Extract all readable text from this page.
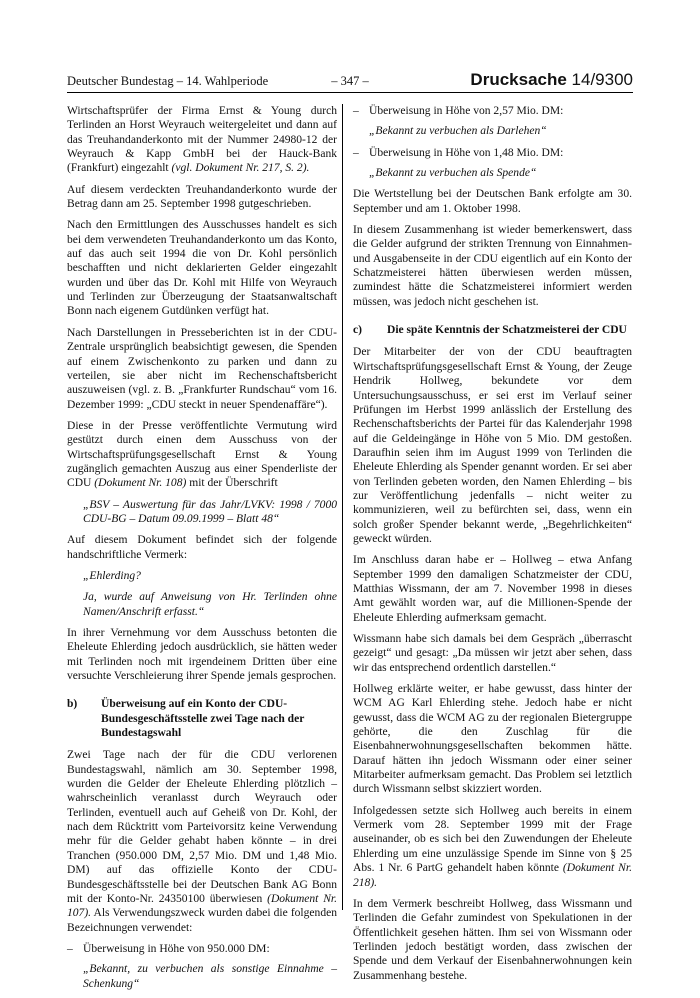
Deutscher Bundestag – 14. Wahlperiode	– 347 –	Drucksache 14/9300

Wirtschaftsprüfer der Firma Ernst & Young durch Terlinden an Horst Weyrauch weitergeleitet und dann auf das Treuhandanderkonto mit der Nummer 24980-12 der Weyrauch & Kapp GmbH bei der Hauck-Bank (Frankfurt) eingezahlt (vgl. Dokument Nr. 217, S. 2).

Auf diesem verdeckten Treuhandanderkonto wurde der Betrag dann am 25. September 1998 gutgeschrieben.

Nach den Ermittlungen des Ausschusses handelt es sich bei dem verwendeten Treuhandanderkonto um das Konto, auf das auch seit 1994 die von Dr. Kohl persönlich beschafften und nicht deklarierten Gelder eingezahlt wurden und über das Dr. Kohl mit Hilfe von Weyrauch und Terlinden zur Überzeugung der Staatsanwaltschaft Bonn nach eigenem Gutdünken verfügt hat.

Nach Darstellungen in Presseberichten ist in der CDU-Zentrale ursprünglich beabsichtigt gewesen, die Spenden auf einem Zwischenkonto zu parken und dann zu verteilen, sie aber nicht im Rechenschaftsbericht auszuweisen (vgl. z. B. „Frankfurter Rundschau“ vom 16. Dezember 1999: „CDU steckt in neuer Spendenaffäre“).

Diese in der Presse veröffentlichte Vermutung wird gestützt durch einen dem Ausschuss von der Wirtschaftsprüfungsgesellschaft Ernst & Young zugänglich gemachten Auszug aus einer Spenderliste der CDU (Dokument Nr. 108) mit der Überschrift

„BSV – Auswertung für das Jahr/LVKV: 1998 / 7000 CDU-BG – Datum 09.09.1999 – Blatt 48“

Auf diesem Dokument befindet sich der folgende handschriftliche Vermerk:

„Ehlerding?

Ja, wurde auf Anweisung von Hr. Terlinden ohne Namen/Anschrift erfasst.“

In ihrer Vernehmung vor dem Ausschuss betonten die Eheleute Ehlerding jedoch ausdrücklich, sie hätten weder mit Terlinden noch mit irgendeinem Dritten über eine versuchte Verschleierung ihrer Spende jemals gesprochen.

b)	Überweisung auf ein Konto der CDU-Bundesgeschäftsstelle zwei Tage nach der Bundestagswahl

Zwei Tage nach der für die CDU verlorenen Bundestagswahl, nämlich am 30. September 1998, wurden die Gelder der Eheleute Ehlerding plötzlich – wahrscheinlich veranlasst durch Weyrauch oder Terlinden, eventuell auch auf Geheiß von Dr. Kohl, der nach dem Rücktritt vom Parteivorsitz keine Verwendung mehr für die Gelder gehabt haben könnte – in drei Tranchen (950.000 DM, 2,57 Mio. DM und 1,48 Mio. DM) auf das offizielle Konto der CDU-Bundesgeschäftsstelle bei der Deutschen Bank AG Bonn mit der Konto-Nr. 24350100 überwiesen (Dokument Nr. 107). Als Verwendungszweck wurden dabei die folgenden Bezeichnungen verwendet:

– Überweisung in Höhe von 950.000 DM:

„Bekannt, zu verbuchen als sonstige Einnahme – Schenkung“

– Überweisung in Höhe von 2,57 Mio. DM:

„Bekannt zu verbuchen als Darlehen“

– Überweisung in Höhe von 1,48 Mio. DM:

„Bekannt zu verbuchen als Spende“

Die Wertstellung bei der Deutschen Bank erfolgte am 30. September und am 1. Oktober 1998.

In diesem Zusammenhang ist wieder bemerkenswert, dass die Gelder aufgrund der strikten Trennung von Einnahmen- und Ausgabenseite in der CDU eigentlich auf ein Konto der Schatzmeisterei hätten überwiesen werden müssen, zumindest hätte die Schatzmeisterei informiert werden müssen, was jedoch nicht geschehen ist.

c)	Die späte Kenntnis der Schatzmeisterei der CDU

Der Mitarbeiter der von der CDU beauftragten Wirtschaftsprüfungsgesellschaft Ernst & Young, der Zeuge Hendrik Hollweg, bekundete vor dem Untersuchungsausschuss, er sei erst im Verlauf seiner Prüfungen im Herbst 1999 anlässlich der Erstellung des Rechenschaftsberichts der Partei für das Kalenderjahr 1998 auf die Geldeingänge in Höhe von 5 Mio. DM gestoßen. Daraufhin seien ihm im August 1999 von Terlinden die Eheleute Ehlerding als Spender genannt worden. Er sei aber von Terlinden gebeten worden, den Namen Ehlerding – bis zur Veröffentlichung jedenfalls – nicht weiter zu kommunizieren, weil zu befürchten sei, dass, wenn ein solch großer Spender bekannt werde, „Begehrlichkeiten“ geweckt würden.

Im Anschluss daran habe er – Hollweg – etwa Anfang September 1999 den damaligen Schatzmeister der CDU, Matthias Wissmann, der am 7. November 1998 in dieses Amt gewählt worden war, auf die Millionen-Spende der Eheleute Ehlerding aufmerksam gemacht.

Wissmann habe sich damals bei dem Gespräch „überrascht gezeigt“ und gesagt: „Da müssen wir jetzt aber sehen, dass wir das entsprechend ordentlich darstellen.“

Hollweg erklärte weiter, er habe gewusst, dass hinter der WCM AG Karl Ehlerding stehe. Jedoch habe er nicht gewusst, dass die WCM AG zu der regionalen Bietergruppe gehörte, die den Zuschlag für die Eisenbahnerwohnungsgesellschaften bekommen hätte. Darauf hätten ihn jedoch Wissmann oder einer seiner Mitarbeiter aufmerksam gemacht. Das Problem sei letztlich durch Wissmann selbst skizziert worden.

Infolgedessen setzte sich Hollweg auch bereits in einem Vermerk vom 28. September 1999 mit der Frage auseinander, ob es sich bei den Zuwendungen der Eheleute Ehlerding um eine unzulässige Spende im Sinne von § 25 Abs. 1 Nr. 6 PartG gehandelt haben könnte (Dokument Nr. 218).

In dem Vermerk beschreibt Hollweg, dass Wissmann und Terlinden die Gefahr zumindest von Spekulationen in der Öffentlichkeit gesehen hätten. Ihm sei von Wissmann oder Terlinden jedoch bestätigt worden, dass zwischen der Spende und dem Verkauf der Eisenbahnerwohnungen kein Zusammenhang bestehe.
